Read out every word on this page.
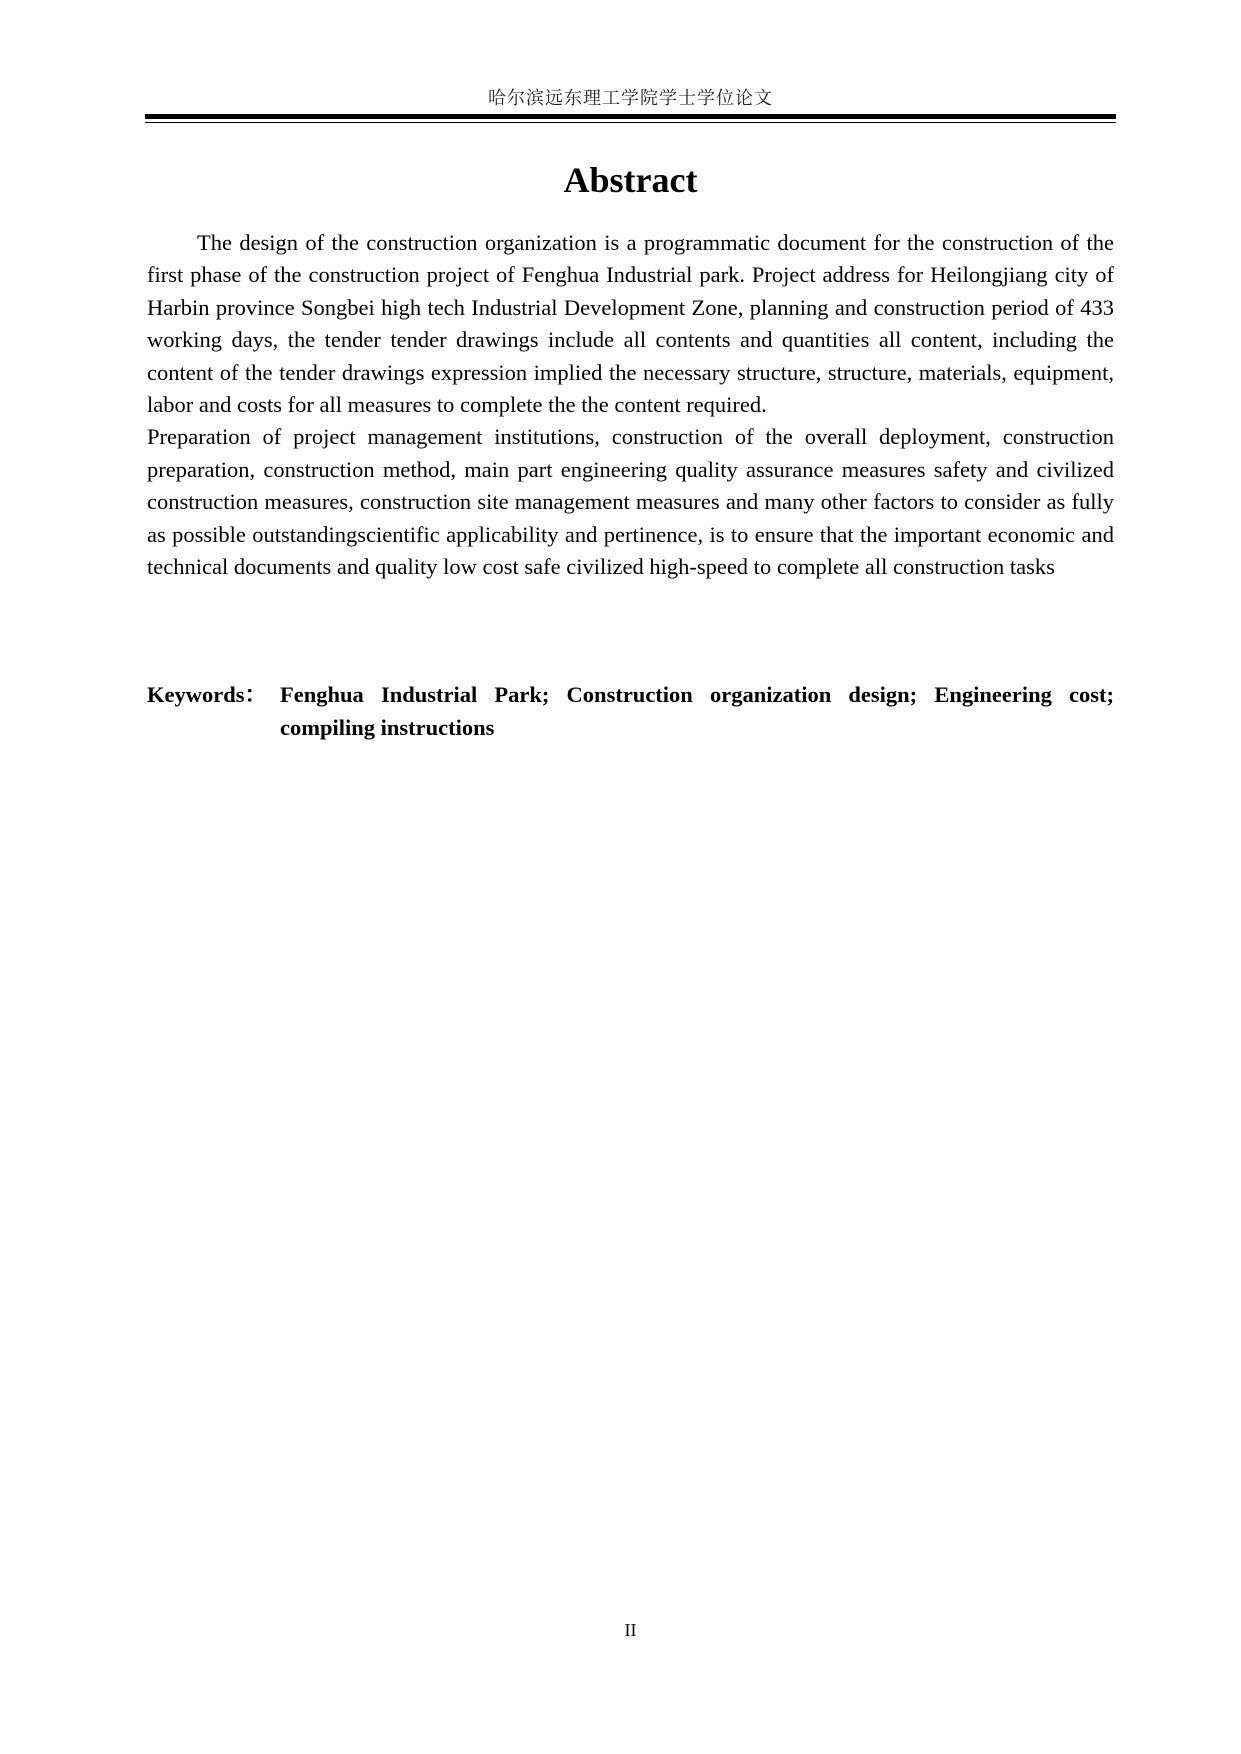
哈尔滨远东理工学院学士学位论文
Abstract

The design of the construction organization is a programmatic document for the construction of the first phase of the construction project of Fenghua Industrial park. Project address for Heilongjiang city of Harbin province Songbei high tech Industrial Development Zone, planning and construction period of 433 working days, the tender tender drawings include all contents and quantities all content, including the content of the tender drawings expression implied the necessary structure, structure, materials, equipment, labor and costs for all measures to complete the the content required.

Preparation of project management institutions, construction of the overall deployment, construction preparation, construction method, main part engineering quality assurance measures safety and civilized construction measures, construction site management measures and many other factors to consider as fully as possible outstandingscientific applicability and pertinence, is to ensure that the important economic and technical documents and quality low cost safe civilized high-speed to complete all construction tasks

Keywords： Fenghua Industrial Park; Construction organization design; Engineering cost; compiling instructions
II
